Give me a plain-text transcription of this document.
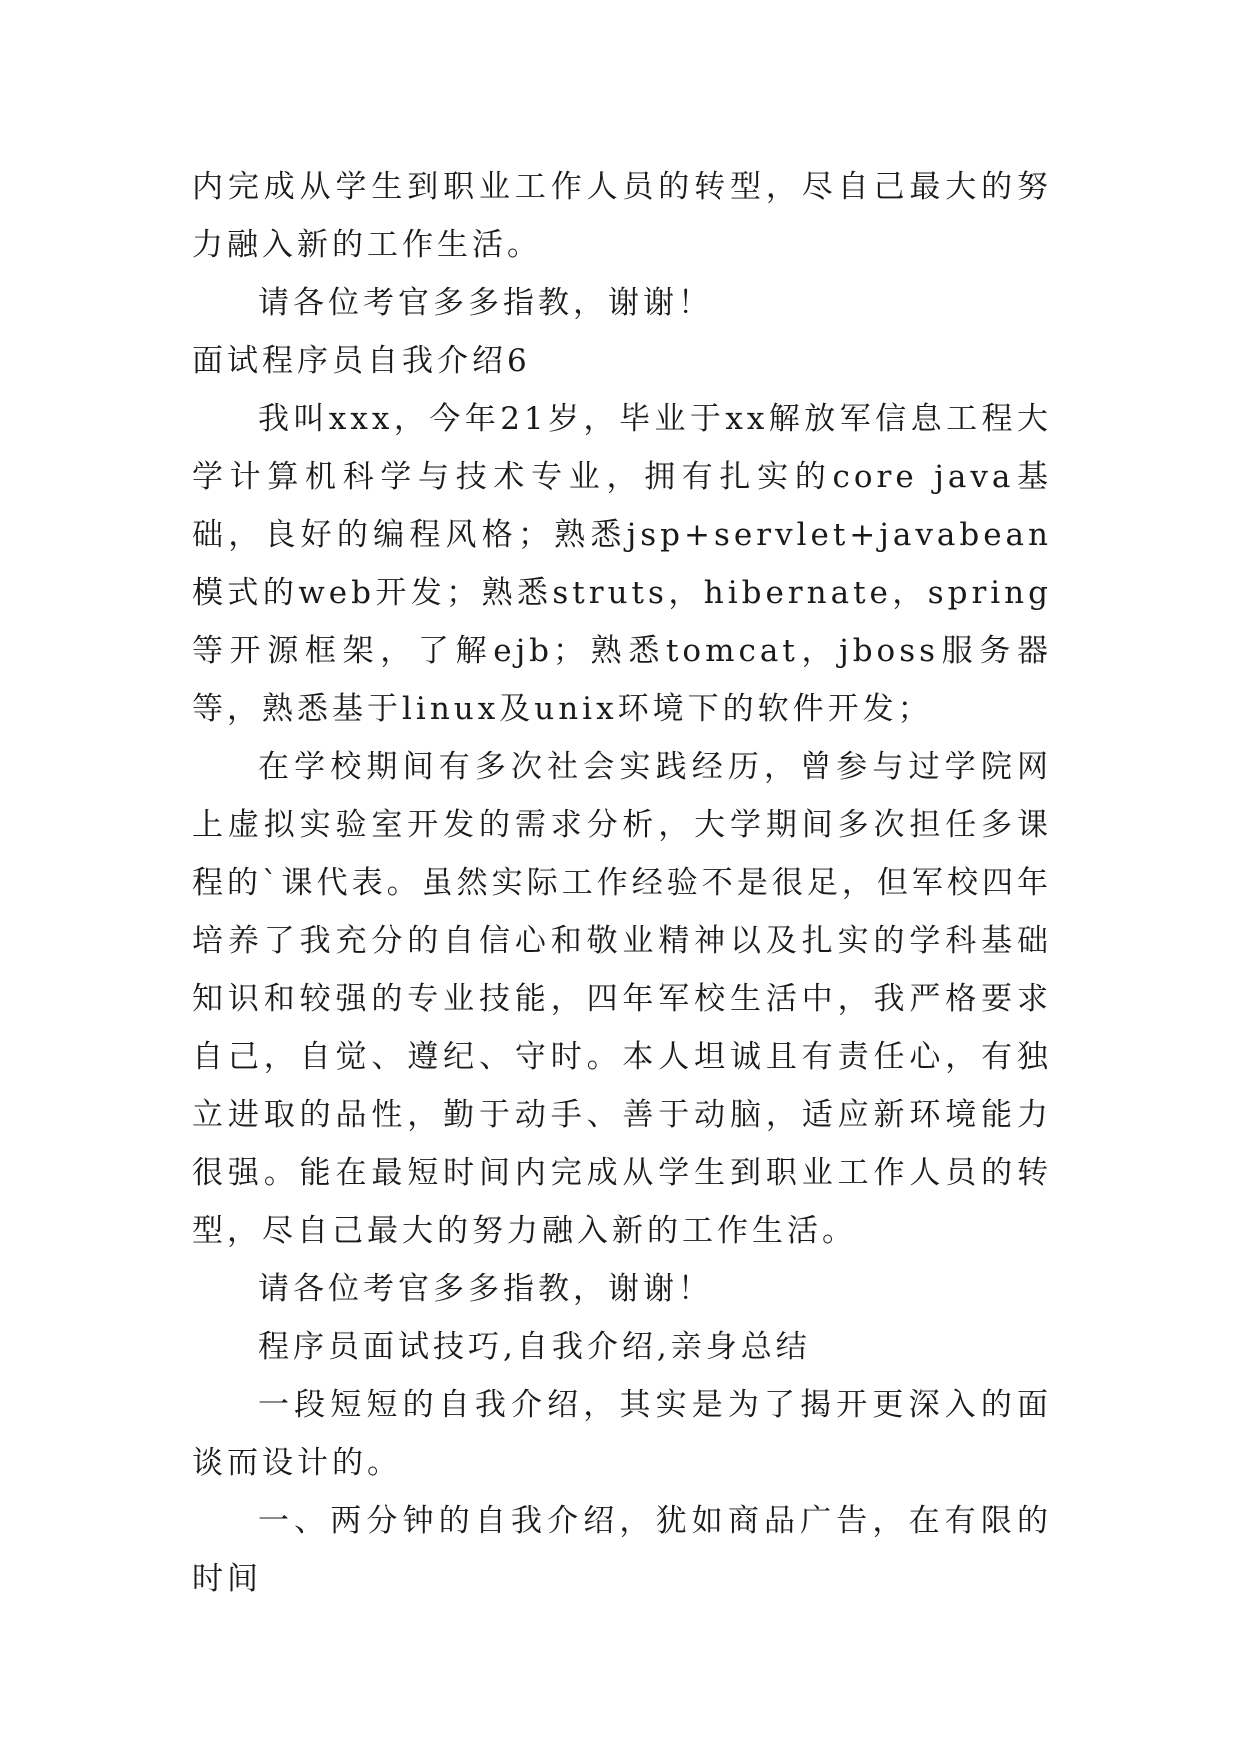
内完成从学生到职业工作人员的转型，尽自己最大的努力融入新的工作生活。

请各位考官多多指教，谢谢！

面试程序员自我介绍6

我叫xxx，今年21岁，毕业于xx解放军信息工程大学计算机科学与技术专业，拥有扎实的core java基础，良好的编程风格；熟悉jsp+servlet+javabean模式的web开发；熟悉struts，hibernate，spring等开源框架，了解ejb；熟悉tomcat，jboss服务器等，熟悉基于linux及unix环境下的软件开发；

在学校期间有多次社会实践经历，曾参与过学院网上虚拟实验室开发的需求分析，大学期间多次担任多课程的`课代表。虽然实际工作经验不是很足，但军校四年培养了我充分的自信心和敬业精神以及扎实的学科基础知识和较强的专业技能，四年军校生活中，我严格要求自己，自觉、遵纪、守时。本人坦诚且有责任心，有独立进取的品性，勤于动手、善于动脑，适应新环境能力很强。能在最短时间内完成从学生到职业工作人员的转型，尽自己最大的努力融入新的工作生活。

请各位考官多多指教，谢谢！

程序员面试技巧,自我介绍,亲身总结

一段短短的自我介绍，其实是为了揭开更深入的面谈而设计的。

一、两分钟的自我介绍，犹如商品广告，在有限的时间
